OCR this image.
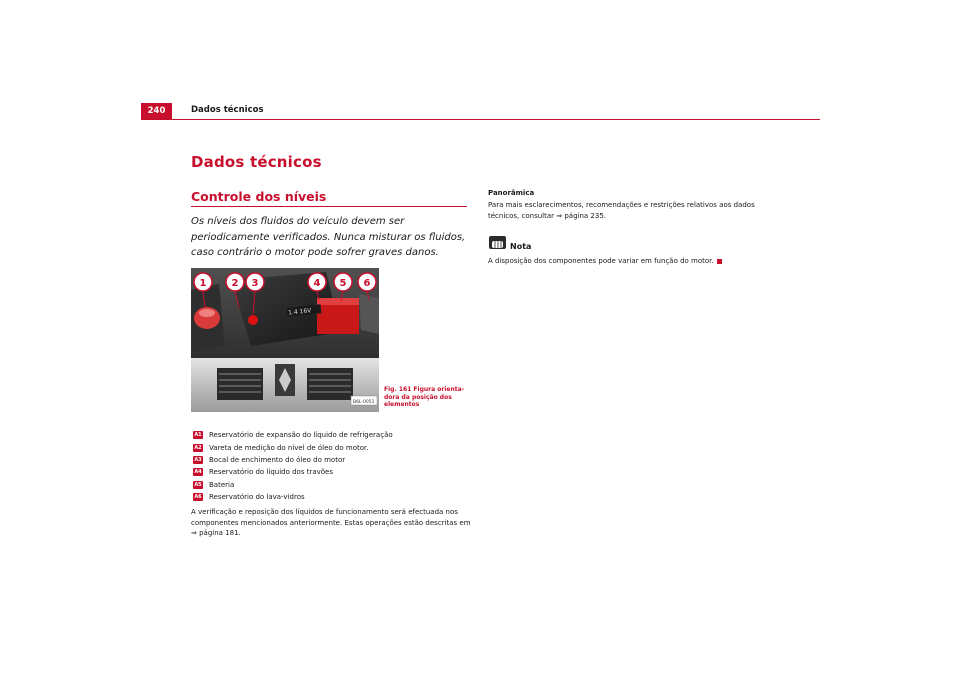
240	Dados técnicos
Dados técnicos
Controle dos níveis
Os níveis dos fluidos do veículo devem ser periodicamente verificados. Nunca misturar os fluidos, caso contrário o motor pode sofrer graves danos.
1.4 16V
B6L-0051
1	2 3	4 5 6
Fig. 161 Figura orienta-dora da posição dos elementos
A1 Reservatório de expansão do líquido de refrigeração
A2 Vareta de medição do nível de óleo do motor.
A3 Bocal de enchimento do óleo do motor
A4 Reservatório do líquido dos travões
A5 Bateria
A6 Reservatório do lava-vidros
A verificação e reposição dos líquidos de funcionamento será efectuada nos componentes mencionados anteriormente. Estas operações estão descritas em ⇒ página 181.
Panorâmica
Para mais esclarecimentos, recomendações e restrições relativos aos dados técnicos, consultar ⇒ página 235.
Nota
A disposição dos componentes pode variar em função do motor.
